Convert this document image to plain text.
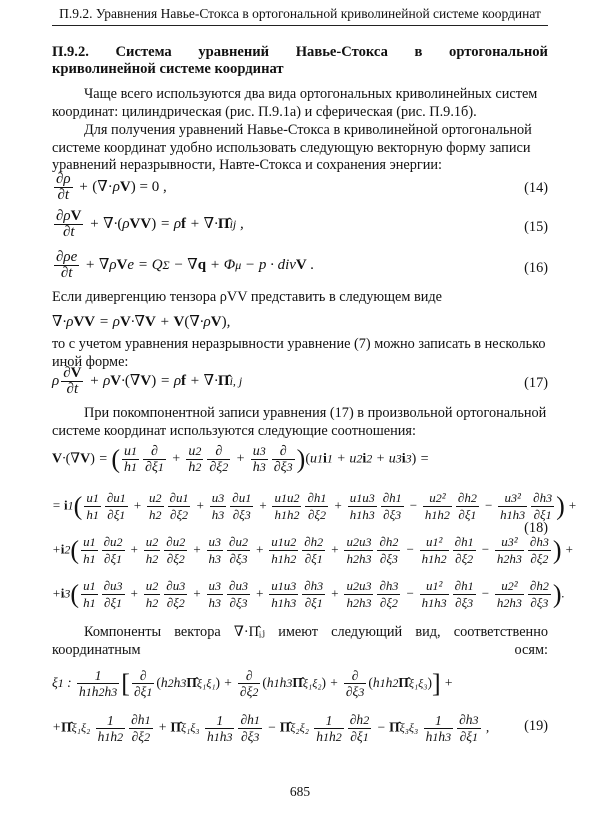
П.9.2. Уравнения Навье-Стокса в ортогональной криволинейной системе координат
П.9.2. Система уравнений Навье-Стокса в ортогональной
криволинейной системе координат
Чаще всего используются два вида ортогональных криволинейных систем координат: цилиндрическая (рис. П.9.1а) и сферическая (рис. П.9.1б).
Для получения уравнений Навье-Стокса в криволинейной ортогональной системе координат удобно использовать следующую векторную форму записи уравнений неразрывности, Навте-Стокса и сохранения энергии:
$\frac{\partial\rho}{\partial t} + (\nabla\cdot\rho V) = 0$ ,	(14)
$\frac{\partial\rho V}{\partial t} + \nabla\cdot(\rho VV) = \rho f$ + ∇·Π̂ij ,	(15)
$\frac{\partial\rho e}{\partial t} + \nabla\rho Ve = Q\Sigma - \nabla q + \Phi\mu - p$ · divV .	(16)
Если дивергенцию тензора ρVV представить в следующем виде
∇·ρVV = ρV·∇V + V(∇·ρV),
то с учетом уравнения неразрывности уравнение (7) можно записать в несколько иной форме:
ρ $\frac{\partial V}{\partial t} + \rho V\cdot(\nabla V) = \rho f$ + ∇·Π̂i, j	(17)
При покомпонентной записи уравнения (17) в произвольной ортогональной системе координат используются следующие соотношения:
V·(∇V) = ( $\frac{u1}{h1} \frac{\partial}{\partial\xi 1} + \frac{u2}{h2} \frac{\partial}{\partial\xi 2} + \frac{u3}{h3} \frac{\partial}{\partial\xi 3} )(u1i1 + u2i2 + u3i3)$ =
= $i1( \frac{u1}{h1} \frac{\partial u1}{\partial\xi 1} + \frac{u2}{h2} \frac{\partial u1}{\partial\xi 2} + \frac{u3}{h3} \frac{\partial u1}{\partial\xi 3} + \frac{u1u2}{h1h2} \frac{\partial h1}{\partial\xi 2} + \frac{u1u3}{h1h3} \frac{\partial h1}{\partial\xi 3} - \frac{\text{u2²}}{h1h2} \frac{\partial h2}{\partial\xi 1} - \frac{\text{u3²}}{h1h3} \frac{\partial h3}{\partial\xi 1}$ ) +
$+i2( \frac{u1}{h1} \frac{\partial u2}{\partial\xi 1} + \frac{u2}{h2} \frac{\partial u2}{\partial\xi 2} + \frac{u3}{h3} \frac{\partial u2}{\partial\xi 3} + \frac{u1u2}{h1h2} \frac{\partial h2}{\partial\xi 1} + \frac{u2u3}{h2h3} \frac{\partial h2}{\partial\xi 3} - \frac{\text{u1²}}{h1h2} \frac{\partial h1}{\partial\xi 2} - \frac{\text{u3²}}{h2h3} \frac{\partial h3}{\partial\xi 2}$ ) +
$+i3( \frac{u1}{h1} \frac{\partial u3}{\partial\xi 1} + \frac{u2}{h2} \frac{\partial u3}{\partial\xi 2} + \frac{u3}{h3} \frac{\partial u3}{\partial\xi 3} + \frac{u1u3}{h1h3} \frac{\partial h3}{\partial\xi 1} + \frac{u2u3}{h2h3} \frac{\partial h3}{\partial\xi 2} - \frac{\text{u1²}}{h1h3} \frac{\partial h1}{\partial\xi 3} - \frac{\text{u2²}}{h2h3} \frac{\partial h2}{\partial\xi 3}$ ).
(18)
Компоненты вектора ∇·Π̂ᵢⱼ имеют следующий вид, соответственно координатным осям:
ξ1 : $\frac{1}{h1h2h3}$ [ $\frac{\partial}{\partial\xi 1}$ (h2h3Π̂ξ₁ξ₁) + $\frac{\partial}{\partial\xi 2}$ (h1h3Π̂ξ₁ξ₂) + $\frac{\partial}{\partial\xi 3}$ (h1h2Π̂ξ₁ξ₃)] +
+Π̂ξ₁ξ₂ $\frac{1}{h1h2} \frac{\partial h1}{\partial\xi 2}$ + Π̂ξ₁ξ₃ $\frac{1}{h1h3} \frac{\partial h1}{\partial\xi 3}$ − Π̂ξ₂ξ₂ $\frac{1}{h1h2} \frac{\partial h2}{\partial\xi 1}$ − Π̂ξ₃ξ₃ $\frac{1}{h1h3} \frac{\partial h3}{\partial\xi 1}$ ,	(19)
685
